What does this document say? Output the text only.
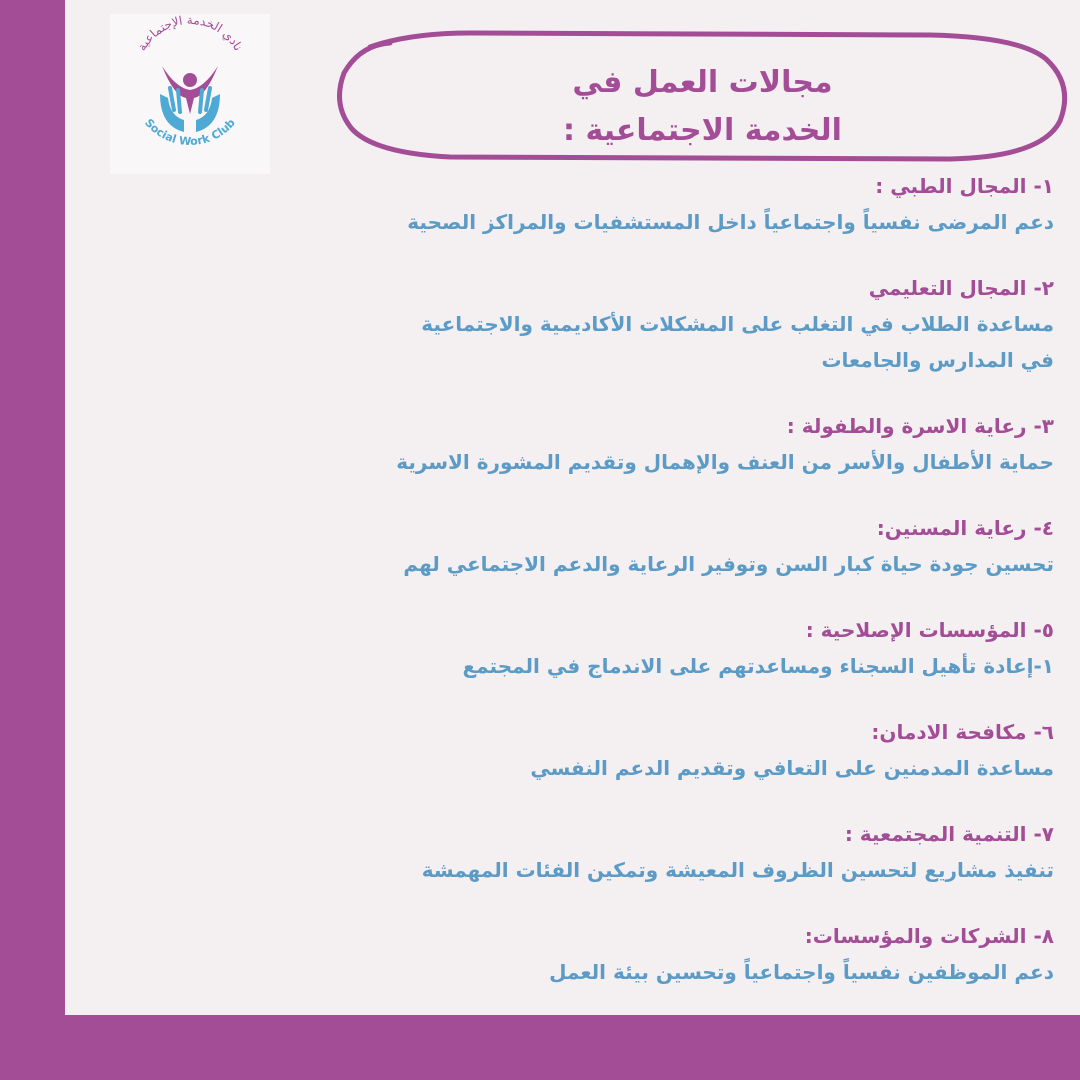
نادي الخدمة الإجتماعية
Social Work Club
مجالات العمل في
الخدمة الاجتماعية :
١- المجال الطبي :
دعم المرضى نفسياً واجتماعياً داخل المستشفيات والمراكز الصحية
٢- المجال التعليمي
مساعدة الطلاب في التغلب على المشكلات الأكاديمية والاجتماعية في المدارس والجامعات
٣- رعاية الاسرة والطفولة :
حماية الأطفال والأسر من العنف والإهمال وتقديم المشورة الاسرية
٤- رعاية المسنين:
تحسين جودة حياة كبار السن وتوفير الرعاية والدعم الاجتماعي لهم
٥- المؤسسات الإصلاحية :
١-إعادة تأهيل السجناء ومساعدتهم على الاندماج في المجتمع
٦- مكافحة الادمان:
مساعدة المدمنين على التعافي وتقديم الدعم النفسي
٧- التنمية المجتمعية :
تنفيذ مشاريع لتحسين الظروف المعيشة وتمكين الفئات المهمشة
٨- الشركات والمؤسسات:
دعم الموظفين نفسياً واجتماعياً وتحسين بيئة العمل
